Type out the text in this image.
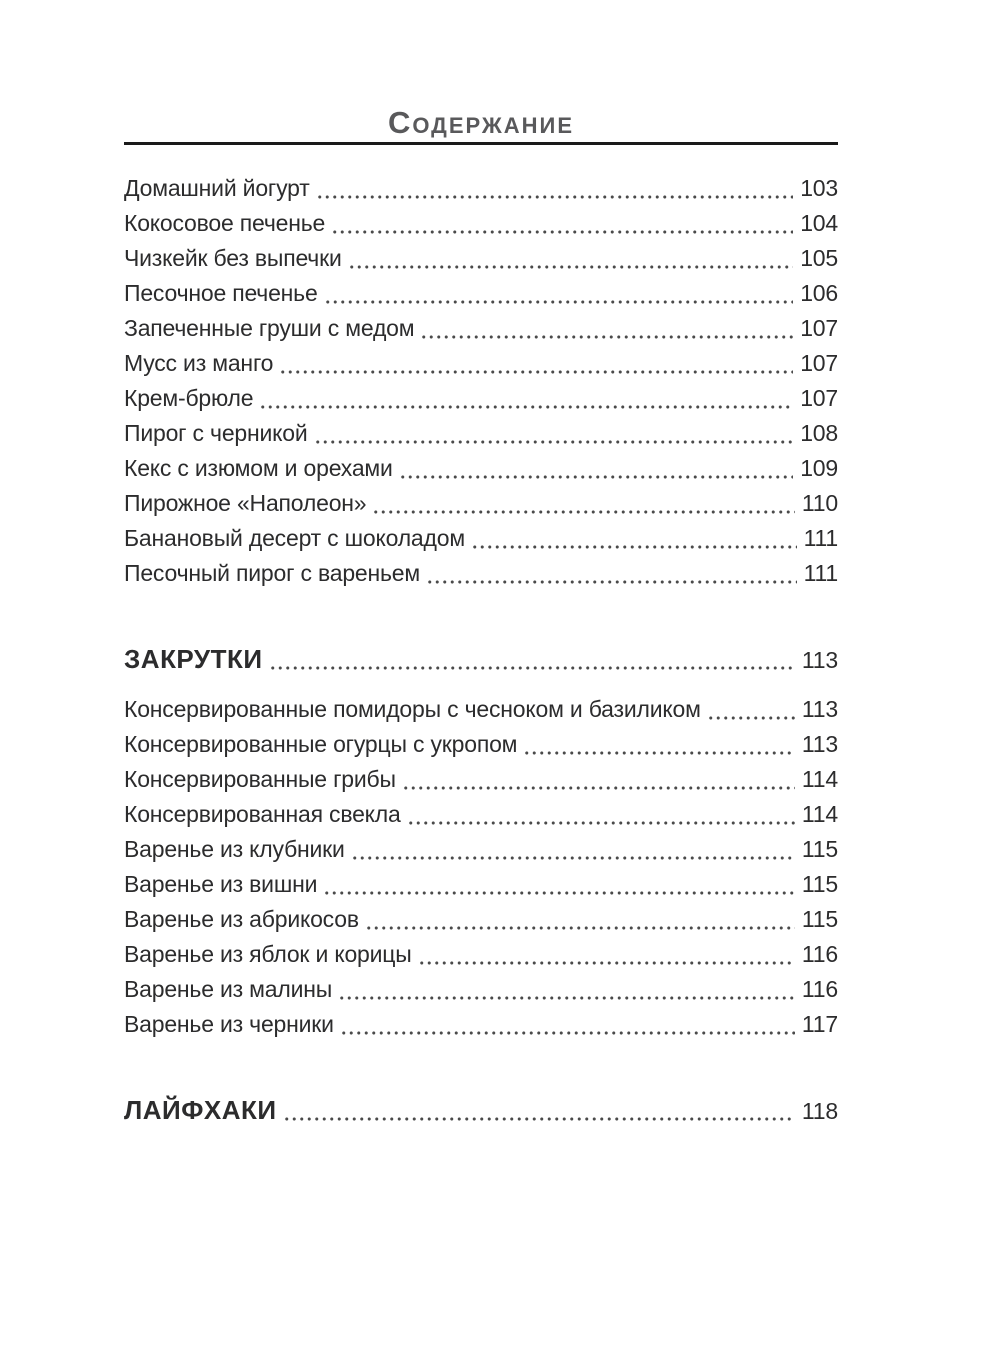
Содержание
Домашний йогурт	103
Кокосовое печенье	104
Чизкейк без выпечки	105
Песочное печенье	106
Запеченные груши с медом	107
Мусс из манго	107
Крем-брюле	107
Пирог с черникой	108
Кекс с изюмом и орехами	109
Пирожное «Наполеон»	110
Банановый десерт с шоколадом	111
Песочный пирог с вареньем	111
ЗАКРУТКИ	113
Консервированные помидоры с чесноком и базиликом	113
Консервированные огурцы с укропом	113
Консервированные грибы	114
Консервированная свекла	114
Варенье из клубники	115
Варенье из вишни	115
Варенье из абрикосов	115
Варенье из яблок и корицы	116
Варенье из малины	116
Варенье из черники	117
ЛАЙФХАКИ	118
